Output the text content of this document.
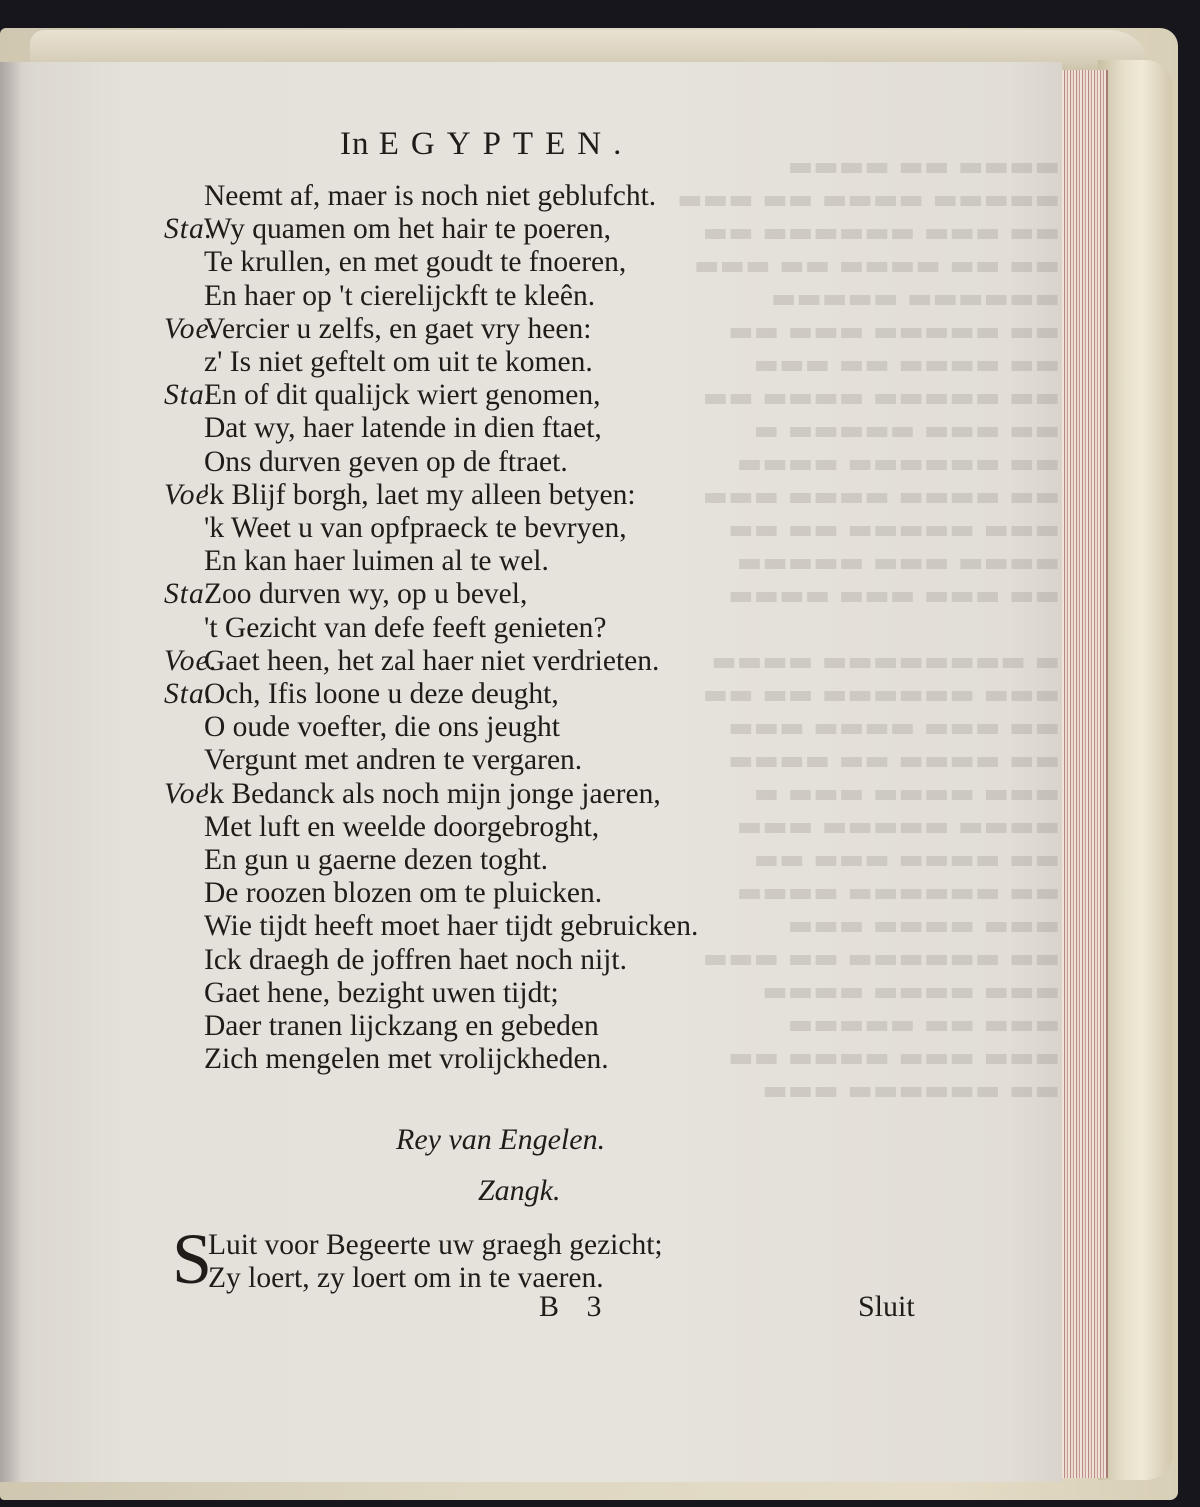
▬▬▬▬ ▬▬ ▬▬▬▬
▬▬▬▬▬ ▬▬▬▬ ▬▬ ▬▬▬
▬▬ ▬▬▬ ▬▬▬▬▬▬ ▬▬
▬▬ ▬▬ ▬▬▬▬ ▬▬ ▬▬▬
▬▬▬▬▬▬ ▬▬▬▬▬
▬▬ ▬▬▬▬▬ ▬▬▬ ▬▬
▬▬ ▬▬▬▬ ▬▬ ▬▬▬
▬▬ ▬▬▬▬▬ ▬▬▬▬ ▬▬
▬▬ ▬▬▬ ▬▬▬▬▬ ▬
▬▬ ▬▬▬▬▬▬ ▬▬▬▬
▬▬ ▬▬▬▬ ▬▬▬▬ ▬▬▬
▬▬▬ ▬▬▬▬▬ ▬▬ ▬▬
▬▬▬▬ ▬▬▬ ▬▬▬▬▬
▬▬ ▬▬▬ ▬▬▬ ▬▬▬▬

▬ ▬▬▬▬▬▬▬▬ ▬▬▬▬
▬▬▬ ▬▬▬▬▬▬ ▬▬ ▬▬
▬▬ ▬▬▬ ▬▬▬▬ ▬▬▬
▬▬ ▬▬▬▬ ▬▬ ▬▬▬▬
▬▬▬ ▬▬▬▬ ▬▬▬ ▬
▬▬▬▬ ▬▬▬▬▬ ▬▬▬
▬▬ ▬▬▬▬ ▬▬▬ ▬▬
▬▬ ▬▬▬▬▬▬ ▬▬▬▬
▬▬▬ ▬▬▬▬ ▬▬▬
▬▬ ▬▬▬▬▬▬ ▬▬ ▬▬▬
▬▬▬ ▬▬▬▬ ▬▬▬▬
▬▬▬ ▬▬ ▬▬▬▬▬
▬▬▬ ▬▬▬ ▬▬▬▬ ▬▬
▬▬ ▬▬▬▬▬▬ ▬▬▬
In EGYPTEN.
Neemt af, maer is noch niet geblufcht.
Sta.Wy quamen om het hair te poeren,
Te krullen, en met goudt te fnoeren,
En haer op 't cierelijckft te kleên.
Voe.Vercier u zelfs, en gaet vry heen:
z' Is niet geftelt om uit te komen.
Sta.En of dit qualijck wiert genomen,
Dat wy, haer latende in dien ftaet,
Ons durven geven op de ftraet.
Voe.'k Blijf borgh, laet my alleen betyen:
'k Weet u van opfpraeck te bevryen,
En kan haer luimen al te wel.
Sta.Zoo durven wy, op u bevel,
't Gezicht van defe feeft genieten?
Voe.Gaet heen, het zal haer niet verdrieten.
Sta.Och, Ifis loone u deze deught,
O oude voefter, die ons jeught
Vergunt met andren te vergaren.
Voe.'k Bedanck als noch mijn jonge jaeren,
Met luft en weelde doorgebroght,
En gun u gaerne dezen toght.
De roozen blozen om te pluicken.
Wie tijdt heeft moet haer tijdt gebruicken.
Ick draegh de joffren haet noch nijt.
Gaet hene, bezight uwen tijdt;
Daer tranen lijckzang en gebeden
Zich mengelen met vrolijckheden.
Rey van Engelen.
Zangk.
S
Luit voor Begeerte uw graegh gezicht;
Zy loert, zy loert om in te vaeren.
B 3	Sluit
